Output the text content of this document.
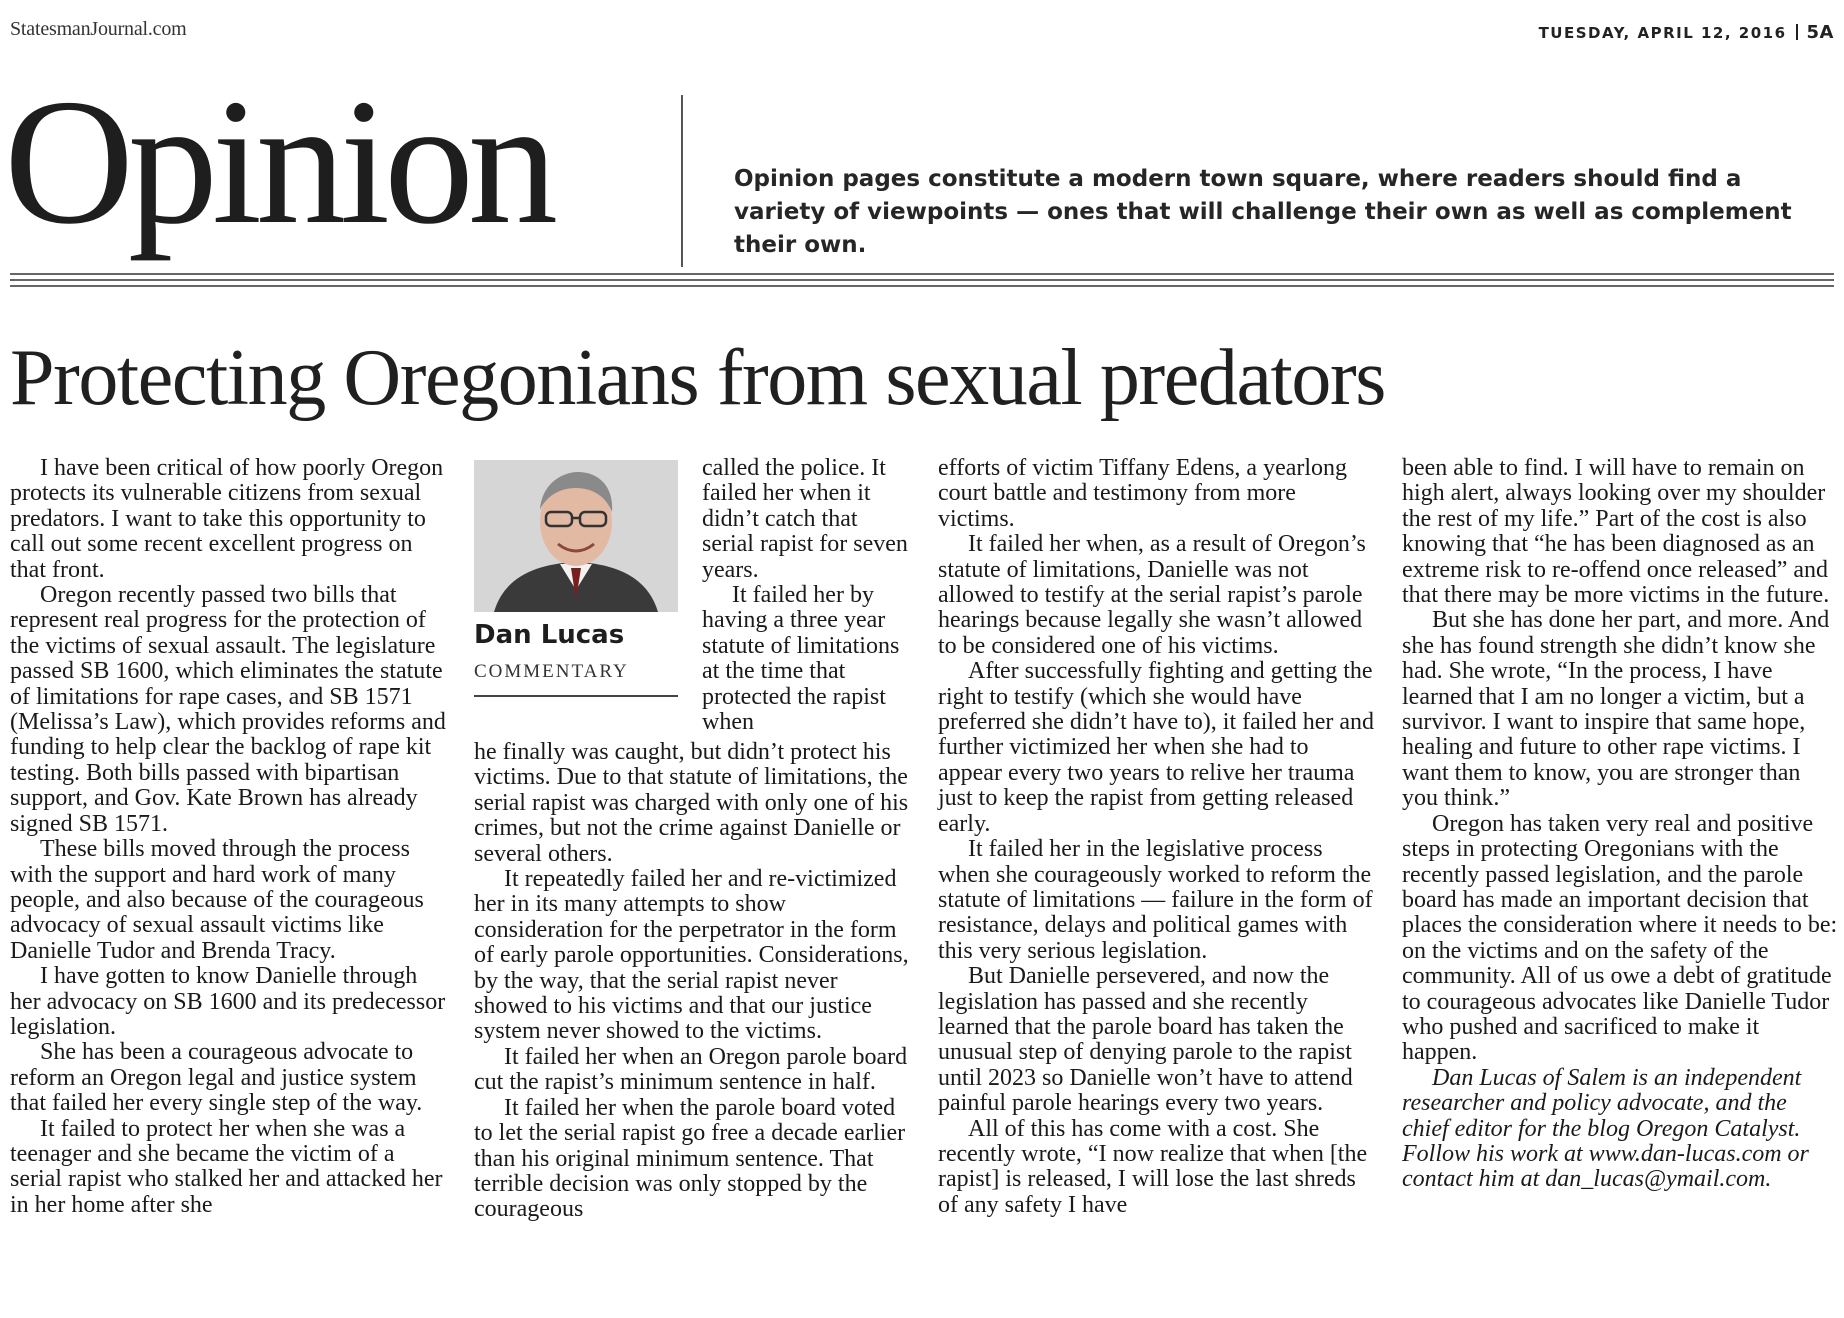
StatesmanJournal.com	TUESDAY, APRIL 12, 2016 5A
Opinion	Opinion pages constitute a modern town square, where readers should find a variety of viewpoints — ones that will challenge their own as well as complement their own.
Protecting Oregonians from sexual predators

I have been critical of how poorly Oregon protects its vulnerable citizens from sexual predators. I want to take this opportunity to call out some recent excellent progress on that front.

Oregon recently passed two bills that represent real progress for the protection of the victims of sexual assault. The legislature passed SB 1600, which eliminates the statute of limitations for rape cases, and SB 1571 (Melissa’s Law), which provides reforms and funding to help clear the backlog of rape kit testing. Both bills passed with bipartisan support, and Gov. Kate Brown has already signed SB 1571.

These bills moved through the process with the support and hard work of many people, and also because of the courageous advocacy of sexual assault victims like Danielle Tudor and Brenda Tracy.

I have gotten to know Danielle through her advocacy on SB 1600 and its predecessor legislation.

She has been a courageous advocate to reform an Oregon legal and justice system that failed her every single step of the way.

It failed to protect her when she was a teenager and she became the victim of a serial rapist who stalked her and attacked her in her home after she

Dan Lucas
COMMENTARY

called the police. It failed her when it didn’t catch that serial rapist for seven years.

It failed her by having a three year statute of limitations at the time that protected the rapist when

he finally was caught, but didn’t protect his victims. Due to that statute of limitations, the serial rapist was charged with only one of his crimes, but not the crime against Danielle or several others.

It repeatedly failed her and re-victimized her in its many attempts to show consideration for the perpetrator in the form of early parole opportunities. Considerations, by the way, that the serial rapist never showed to his victims and that our justice system never showed to the victims.

It failed her when an Oregon parole board cut the rapist’s minimum sentence in half.

It failed her when the parole board voted to let the serial rapist go free a decade earlier than his original minimum sentence. That terrible decision was only stopped by the courageous

efforts of victim Tiffany Edens, a yearlong court battle and testimony from more victims.

It failed her when, as a result of Oregon’s statute of limitations, Danielle was not allowed to testify at the serial rapist’s parole hearings because legally she wasn’t allowed to be considered one of his victims.

After successfully fighting and getting the right to testify (which she would have preferred she didn’t have to), it failed her and further victimized her when she had to appear every two years to relive her trauma just to keep the rapist from getting released early.

It failed her in the legislative process when she courageously worked to reform the statute of limitations — failure in the form of resistance, delays and political games with this very serious legislation.

But Danielle persevered, and now the legislation has passed and she recently learned that the parole board has taken the unusual step of denying parole to the rapist until 2023 so Danielle won’t have to attend painful parole hearings every two years.

All of this has come with a cost. She recently wrote, “I now realize that when [the rapist] is released, I will lose the last shreds of any safety I have

been able to find. I will have to remain on high alert, always looking over my shoulder the rest of my life.” Part of the cost is also knowing that “he has been diagnosed as an extreme risk to re-offend once released” and that there may be more victims in the future.

But she has done her part, and more. And she has found strength she didn’t know she had. She wrote, “In the process, I have learned that I am no longer a victim, but a survivor. I want to inspire that same hope, healing and future to other rape victims. I want them to know, you are stronger than you think.”

Oregon has taken very real and positive steps in protecting Oregonians with the recently passed legislation, and the parole board has made an important decision that places the consideration where it needs to be: on the victims and on the safety of the community. All of us owe a debt of gratitude to courageous advocates like Danielle Tudor who pushed and sacrificed to make it happen.

Dan Lucas of Salem is an independent researcher and policy advocate, and the chief editor for the blog Oregon Catalyst. Follow his work at www.dan-lucas.com or contact him at dan_lucas@ymail.com.
